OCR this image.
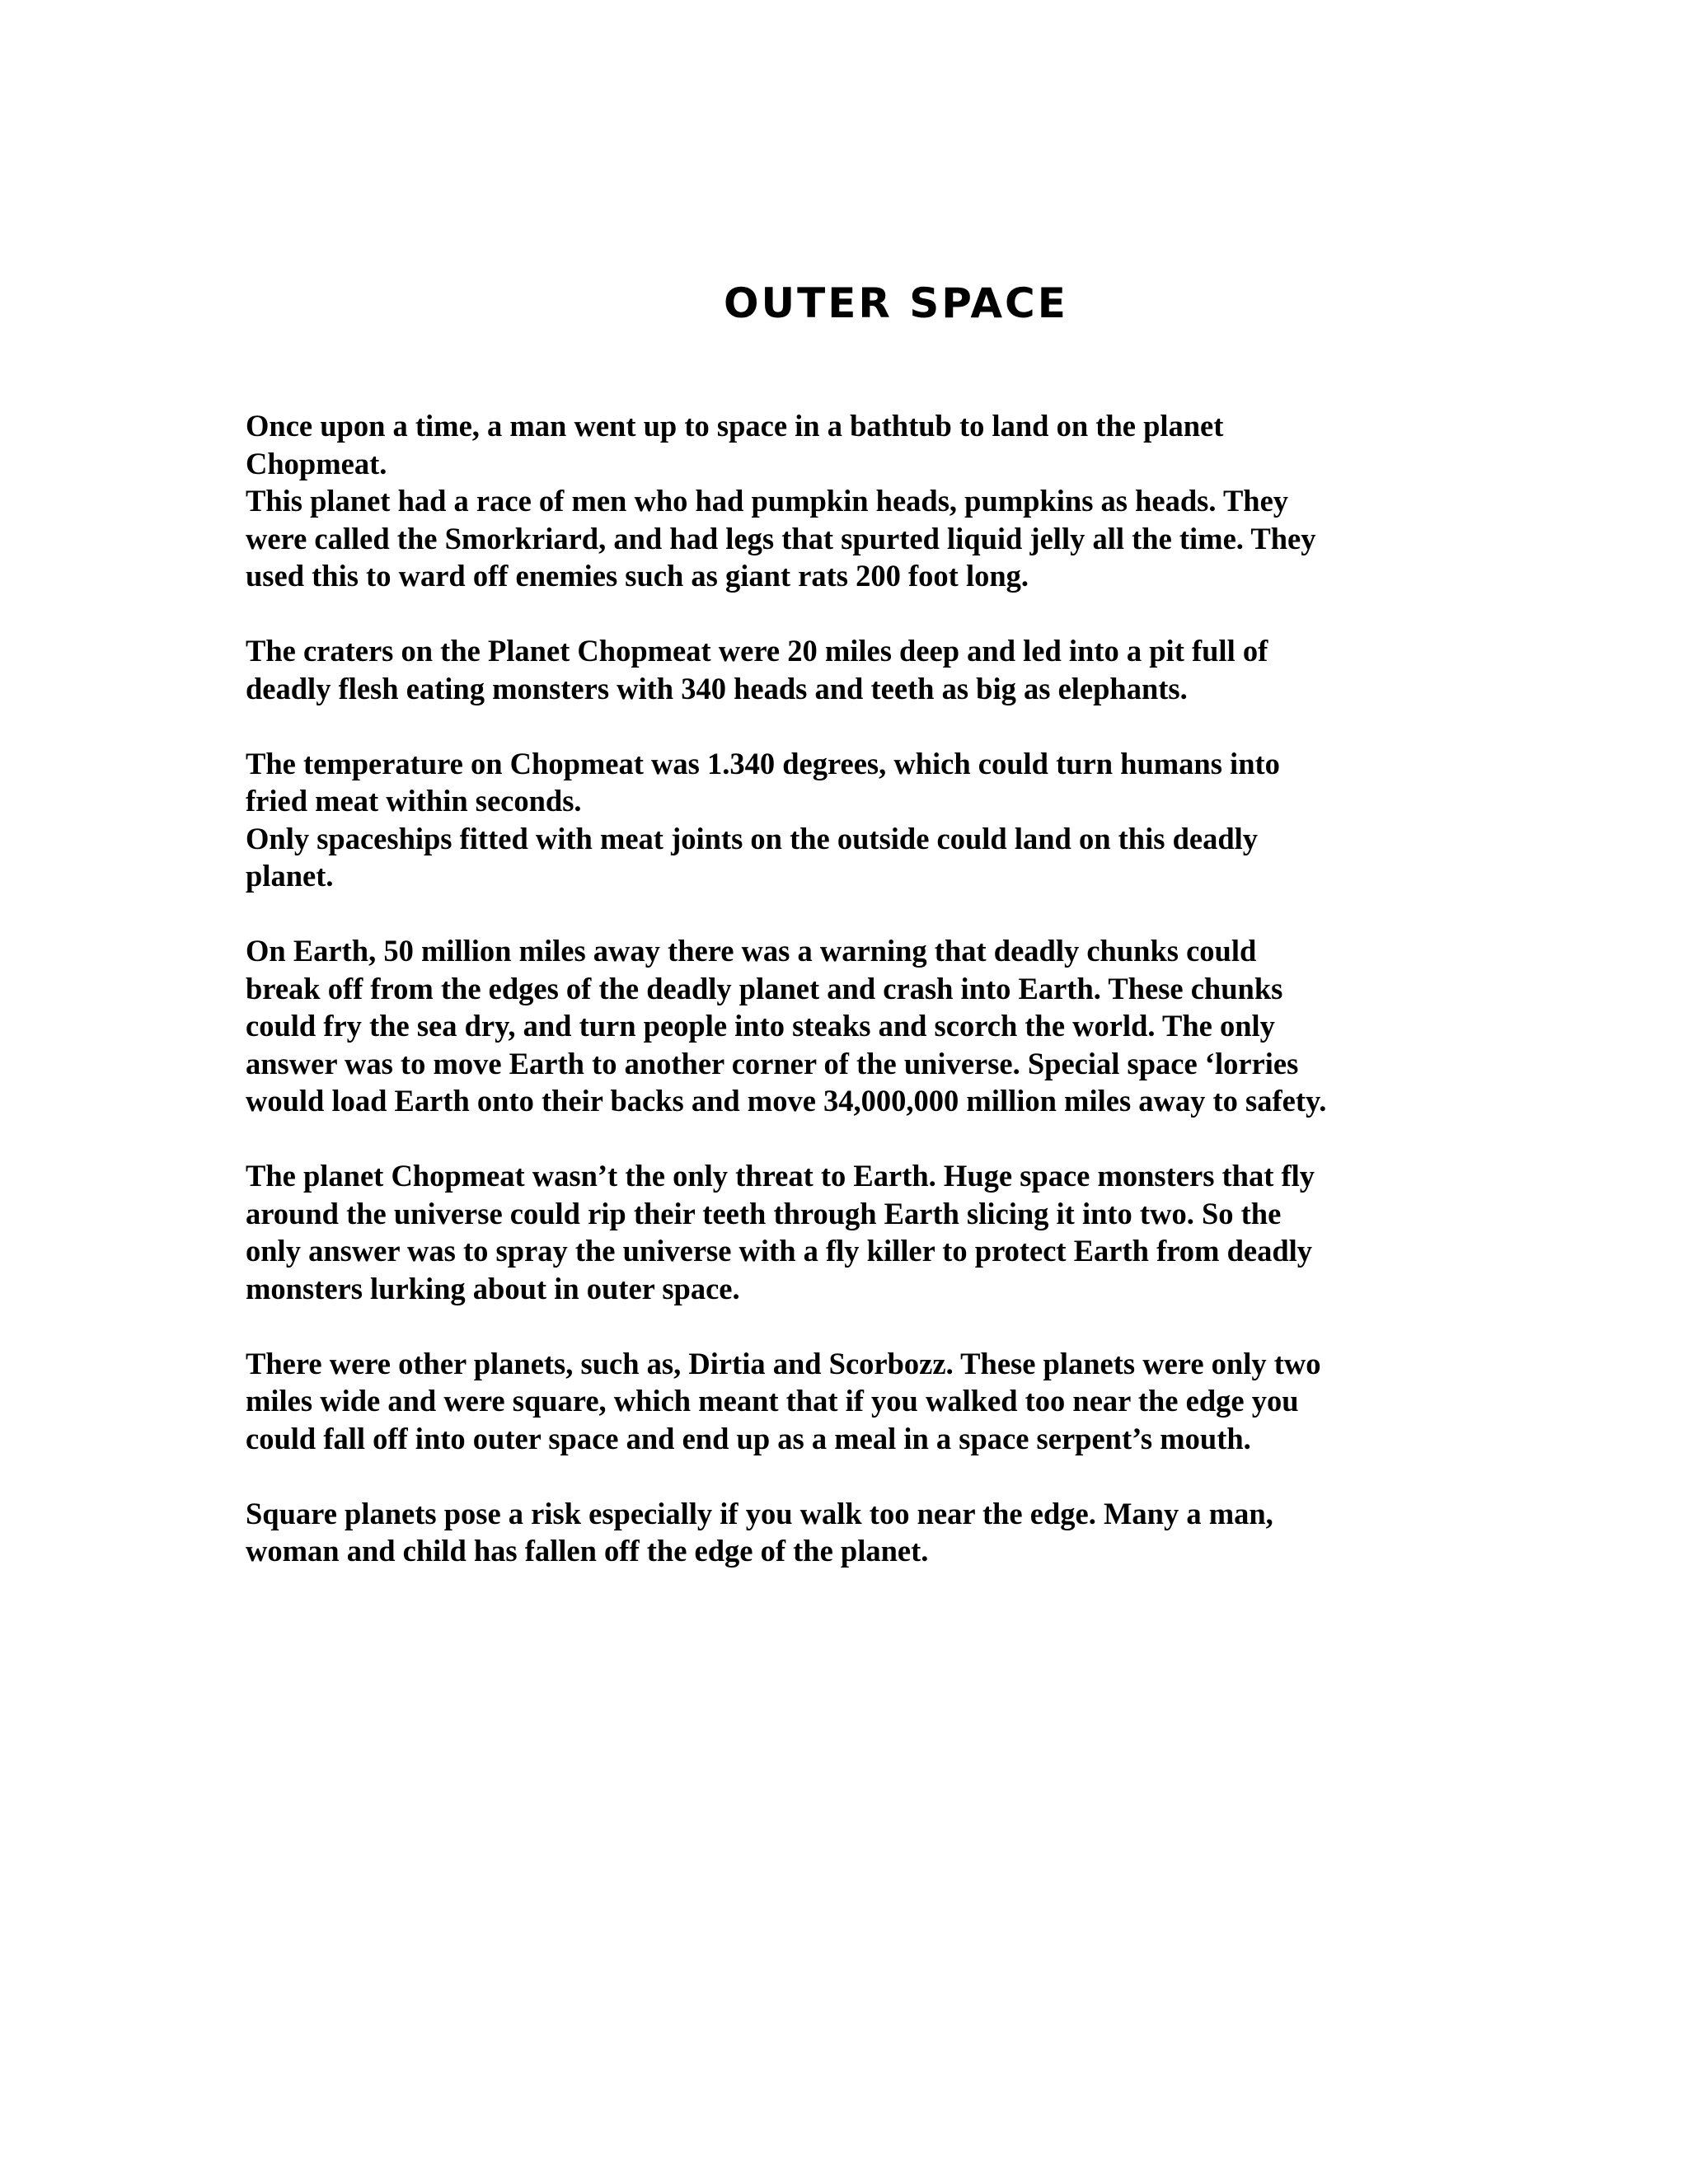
OUTER SPACE

Once upon a time, a man went up to space in a bathtub to land on the planet
Chopmeat.
This planet had a race of men who had pumpkin heads, pumpkins as heads. They
were called the Smorkriard, and had legs that spurted liquid jelly all the time. They
used this to ward off enemies such as giant rats 200 foot long.

The craters on the Planet Chopmeat were 20 miles deep and led into a pit full of
deadly flesh eating monsters with 340 heads and teeth as big as elephants.

The temperature on Chopmeat was 1.340 degrees, which could turn humans into
fried meat within seconds.
Only spaceships fitted with meat joints on the outside could land on this deadly
planet.

On Earth, 50 million miles away there was a warning that deadly chunks could
break off from the edges of the deadly planet and crash into Earth. These chunks
could fry the sea dry, and turn people into steaks and scorch the world. The only
answer was to move Earth to another corner of the universe. Special space ‘lorries
would load Earth onto their backs and move 34,000,000 million miles away to safety.

The planet Chopmeat wasn’t the only threat to Earth. Huge space monsters that fly
around the universe could rip their teeth through Earth slicing it into two. So the
only answer was to spray the universe with a fly killer to protect Earth from deadly
monsters lurking about in outer space.

There were other planets, such as, Dirtia and Scorbozz. These planets were only two
miles wide and were square, which meant that if you walked too near the edge you
could fall off into outer space and end up as a meal in a space serpent’s mouth.

Square planets pose a risk especially if you walk too near the edge. Many a man,
woman and child has fallen off the edge of the planet.
